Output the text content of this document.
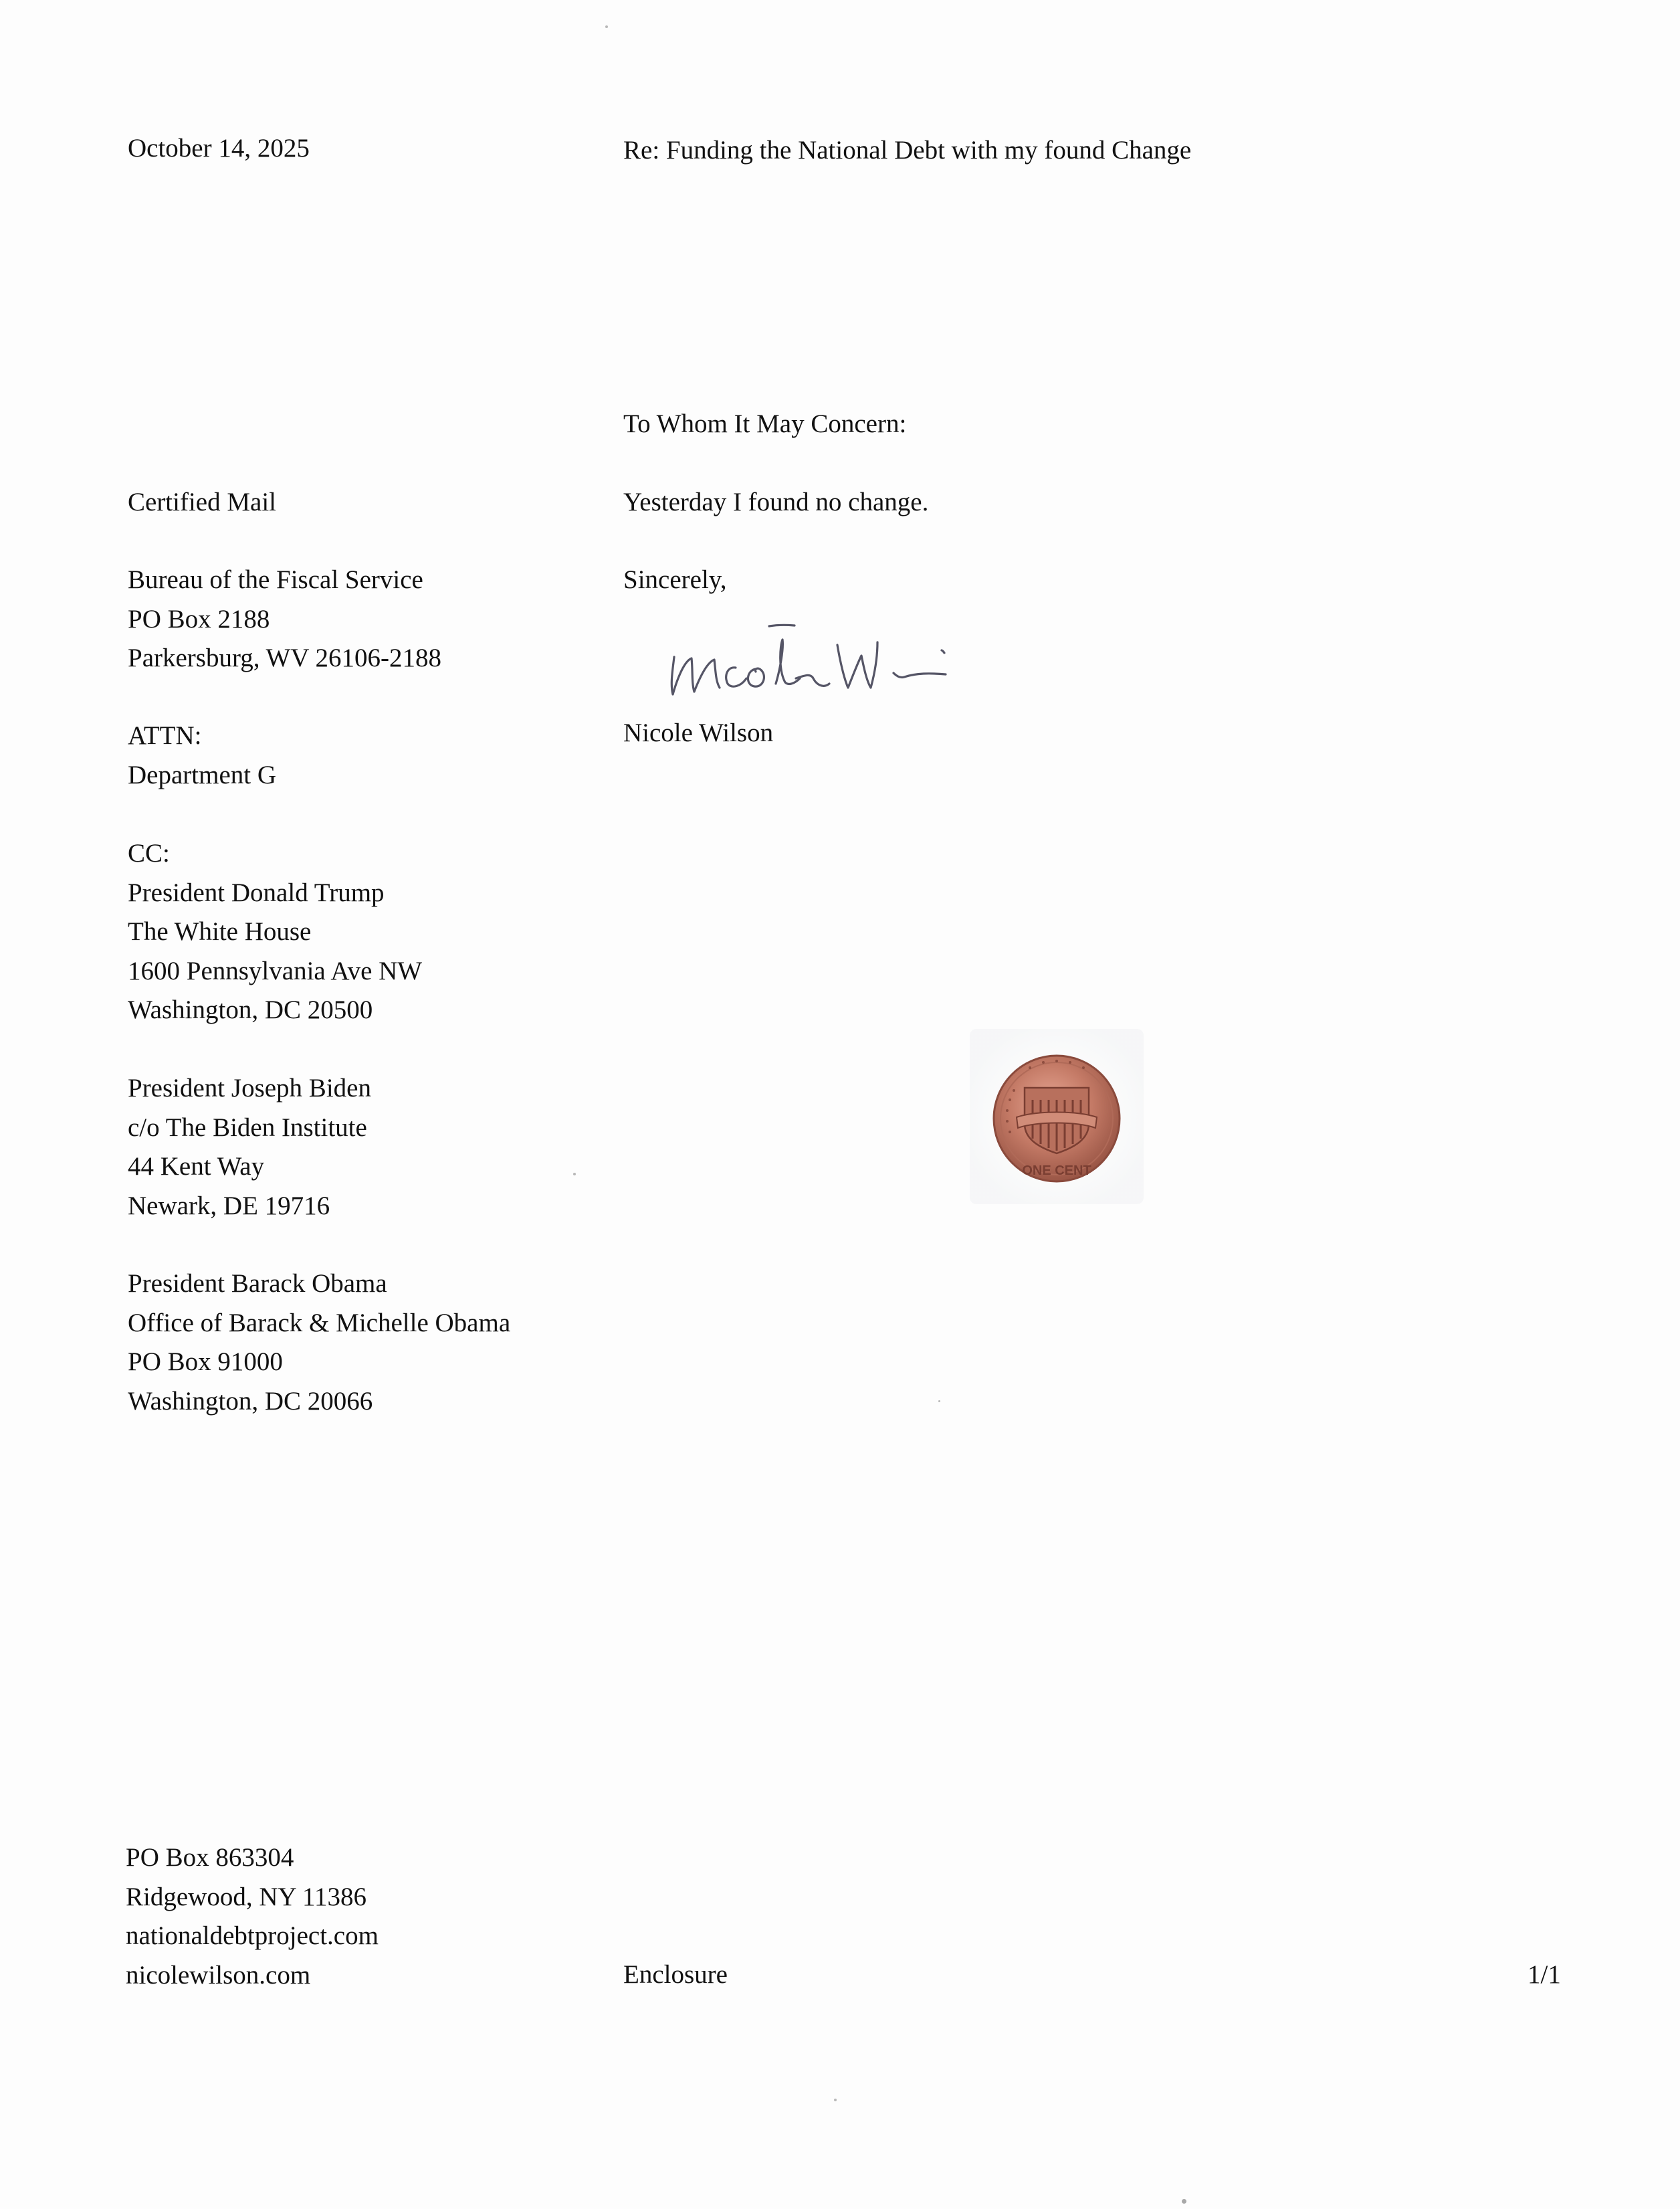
October 14, 2025	Re: Funding the National Debt with my found Change
To Whom It May Concern:
Yesterday I found no change.
Sincerely,
Nicole Wilson
Certified Mail
Bureau of the Fiscal Service
PO Box 2188
Parkersburg, WV 26106-2188
ATTN:
Department G
CC:
President Donald Trump
The White House
1600 Pennsylvania Ave NW
Washington, DC 20500
President Joseph Biden
c/o The Biden Institute
44 Kent Way
Newark, DE 19716
President Barack Obama
Office of Barack & Michelle Obama
PO Box 91000
Washington, DC 20066
ONE CENT
PO Box 863304
Ridgewood, NY 11386
nationaldebtproject.com
nicolewilson.com	Enclosure	1/1
